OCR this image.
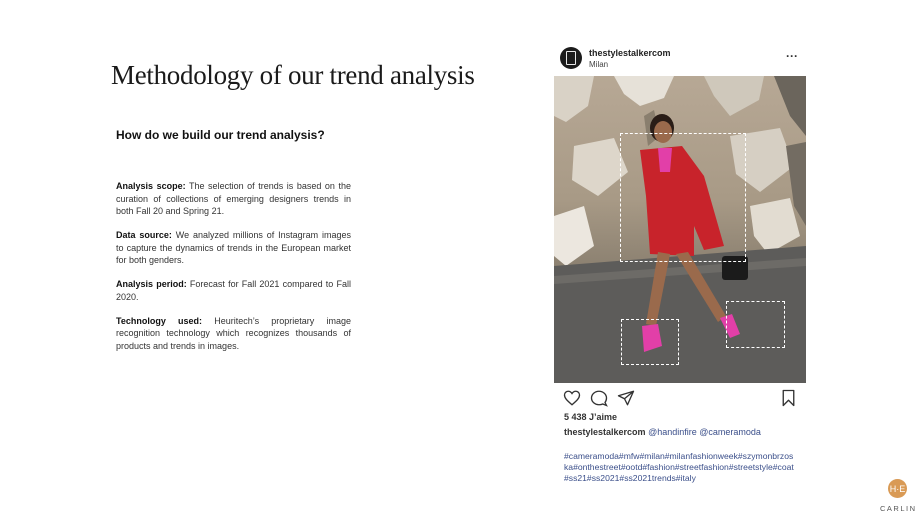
Methodology of our trend analysis
How do we build our trend analysis?

Analysis scope: The selection of trends is based on the curation of collections of emerging designers trends in both Fall 20 and Spring 21.

Data source: We analyzed millions of Instagram images to capture the dynamics of trends in the European market for both genders.

Analysis period: Forecast for Fall 2021 compared to Fall 2020.

Technology used: Heuritech’s proprietary image recognition technology which recognizes thousands of products and trends in images.

thestylestalkercom
Milan
···
5 438 J’aime
thestylestalkercom @handinfire @cameramoda
#cameramoda#mfw#milan#milanfashionweek#szymonbrzoska#onthestreet#ootd#fashion#streetfashion#streetstyle#coat#ss21#ss2021#ss2021trends#italy
H·E
CARLIN
